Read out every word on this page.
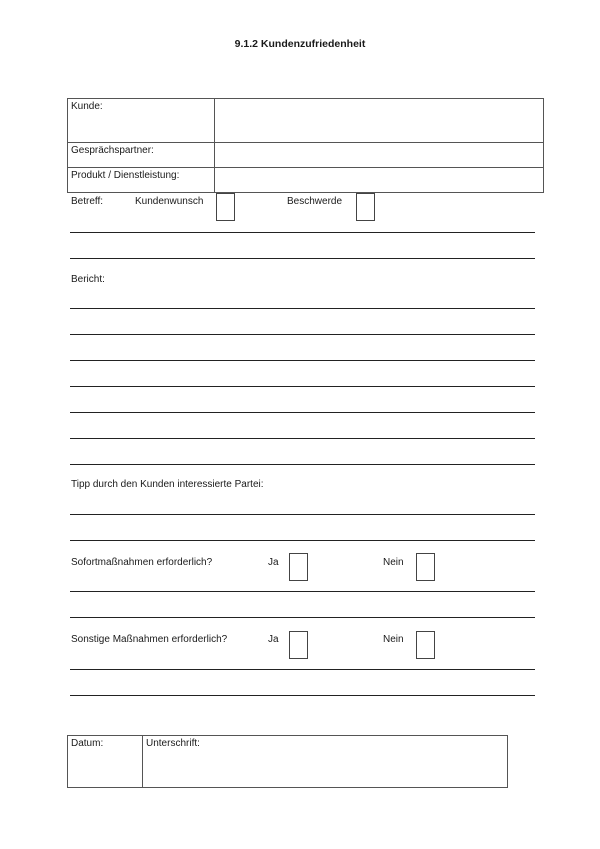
9.1.2 Kundenzufriedenheit
Kunde:	
Gesprächspartner:	
Produkt / Dienstleistung:	
Betreff:	Kundenwunsch	Beschwerde
Bericht:
Tipp durch den Kunden interessierte Partei:
Sofortmaßnahmen erforderlich?	Ja	Nein
Sonstige Maßnahmen erforderlich?	Ja	Nein
Datum:	Unterschrift:
